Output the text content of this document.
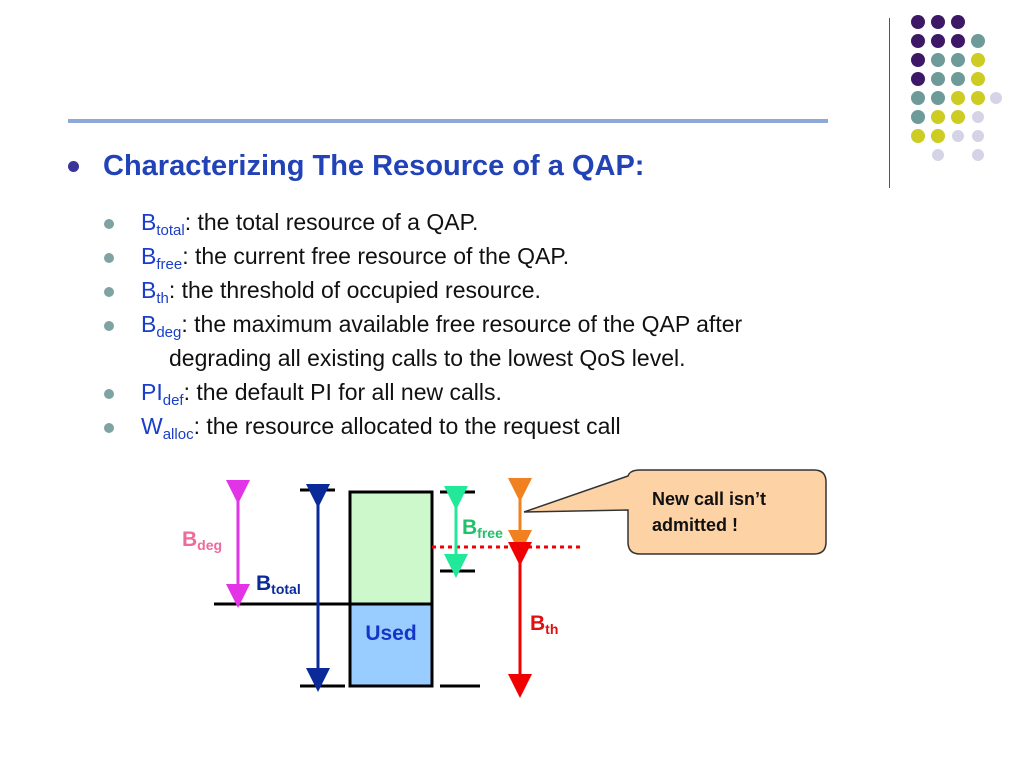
Characterizing The Resource of a QAP:
$B_{total}$: the total resource of a QAP.
$B_{free}$: the current free resource of the QAP.
$B_{th}$: the threshold of occupied resource.
$B_{deg}$: the maximum available free resource of the QAP after
degrading all existing calls to the lowest QoS level.
$PI_{def}$: the default PI for all new calls.
$W_{alloc}$: the resource allocated to the request call
$B_{deg}$
$B_{total}$
$B_{free}$
$B_{th}$
Used
New call isn’t
admitted !
